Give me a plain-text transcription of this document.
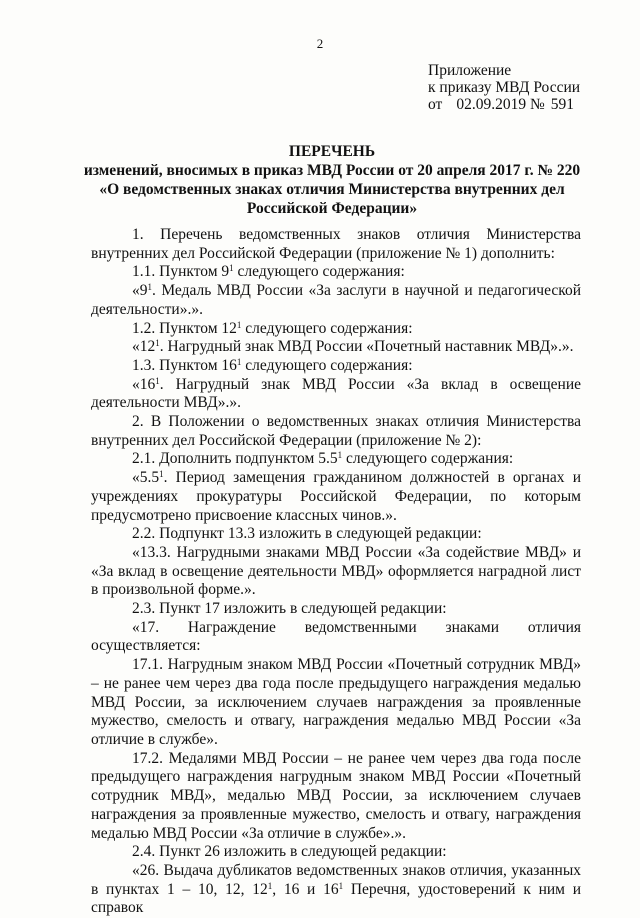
2
Приложение
к приказу МВД России
от 02.09.2019 № 591
ПЕРЕЧЕНЬ
изменений, вносимых в приказ МВД России от 20 апреля 2017 г. № 220
«О ведомственных знаках отличия Министерства внутренних дел
Российской Федерации»

1. Перечень ведомственных знаков отличия Министерства внутренних дел Российской Федерации (приложение № 1) дополнить:

1.1. Пунктом $9^1$ следующего содержания:

«$9^1$. Медаль МВД России «За заслуги в научной и педагогической деятельности».».

1.2. Пунктом $12^1$ следующего содержания:

«$12^1$. Нагрудный знак МВД России «Почетный наставник МВД».».

1.3. Пунктом $16^1$ следующего содержания:

«$16^1$. Нагрудный знак МВД России «За вклад в освещение деятельности МВД».».

2. В Положении о ведомственных знаках отличия Министерства внутренних дел Российской Федерации (приложение № 2):

2.1. Дополнить подпунктом $5.5^1$ следующего содержания:

«$5.5^1$. Период замещения гражданином должностей в органах и учреждениях прокуратуры Российской Федерации, по которым предусмотрено присвоение классных чинов.».

2.2. Подпункт 13.3 изложить в следующей редакции:

«13.3. Нагрудными знаками МВД России «За содействие МВД» и «За вклад в освещение деятельности МВД» оформляется наградной лист в произвольной форме.».

2.3. Пункт 17 изложить в следующей редакции:

«17. Награждение ведомственными знаками отличия осуществляется:

17.1. Нагрудным знаком МВД России «Почетный сотрудник МВД» – не ранее чем через два года после предыдущего награждения медалью МВД России, за исключением случаев награждения за проявленные мужество, смелость и отвагу, награждения медалью МВД России «За отличие в службе».

17.2. Медалями МВД России – не ранее чем через два года после предыдущего награждения нагрудным знаком МВД России «Почетный сотрудник МВД», медалью МВД России, за исключением случаев награждения за проявленные мужество, смелость и отвагу, награждения медалью МВД России «За отличие в службе».».

2.4. Пункт 26 изложить в следующей редакции:

«26. Выдача дубликатов ведомственных знаков отличия, указанных в пунктах 1 – 10, 12, $12^1$, 16 и $16^1$ Перечня, удостоверений к ним и справок
